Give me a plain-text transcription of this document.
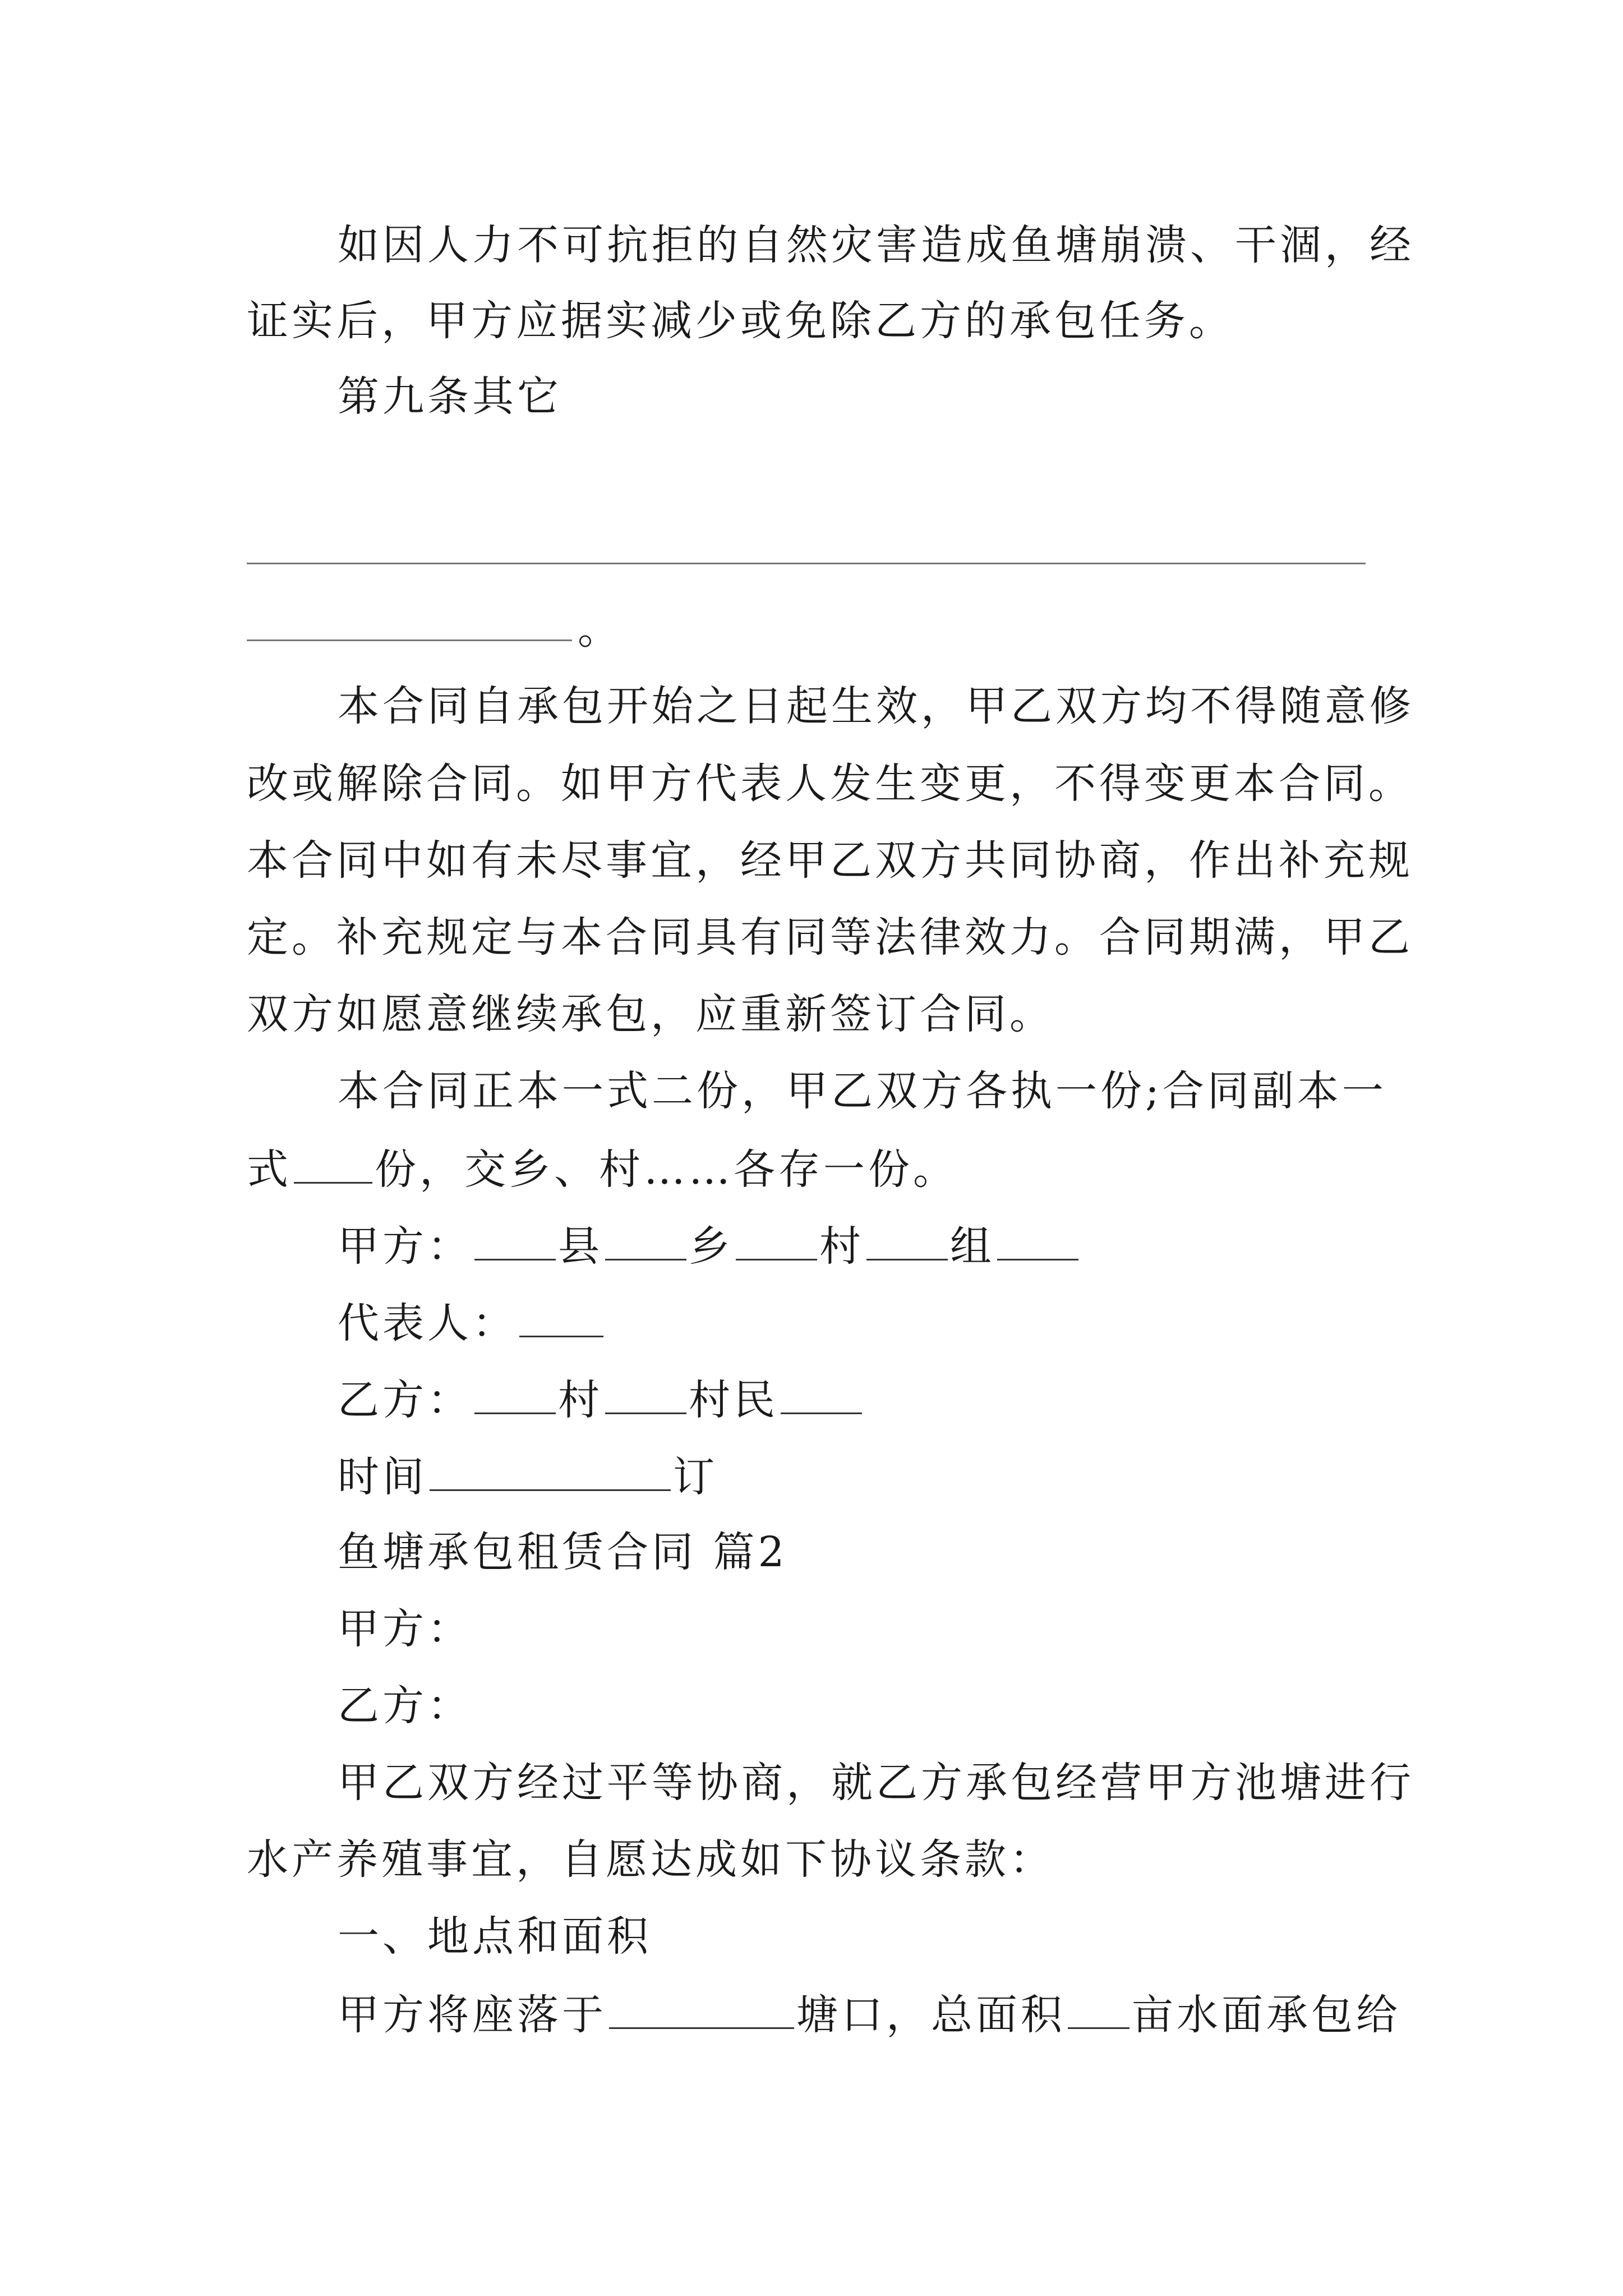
如因人力不可抗拒的自然灾害造成鱼塘崩溃、干涸，经
证实后，甲方应据实减少或免除乙方的承包任务。
第九条其它
。
本合同自承包开始之日起生效，甲乙双方均不得随意修
改或解除合同。如甲方代表人发生变更，不得变更本合同。
本合同中如有未尽事宜，经甲乙双方共同协商，作出补充规
定。补充规定与本合同具有同等法律效力。合同期满，甲乙
双方如愿意继续承包，应重新签订合同。
本合同正本一式二份，甲乙双方各执一份;合同副本一
式 份，交乡、村……各存一份。
甲方： 县 乡 村 组
代表人：
乙方： 村 村民
时间	订
鱼塘承包租赁合同 篇2
甲方：
乙方：
甲乙双方经过平等协商，就乙方承包经营甲方池塘进行
水产养殖事宜，自愿达成如下协议条款：
一、地点和面积
甲方将座落于	塘口，总面积 亩水面承包给
